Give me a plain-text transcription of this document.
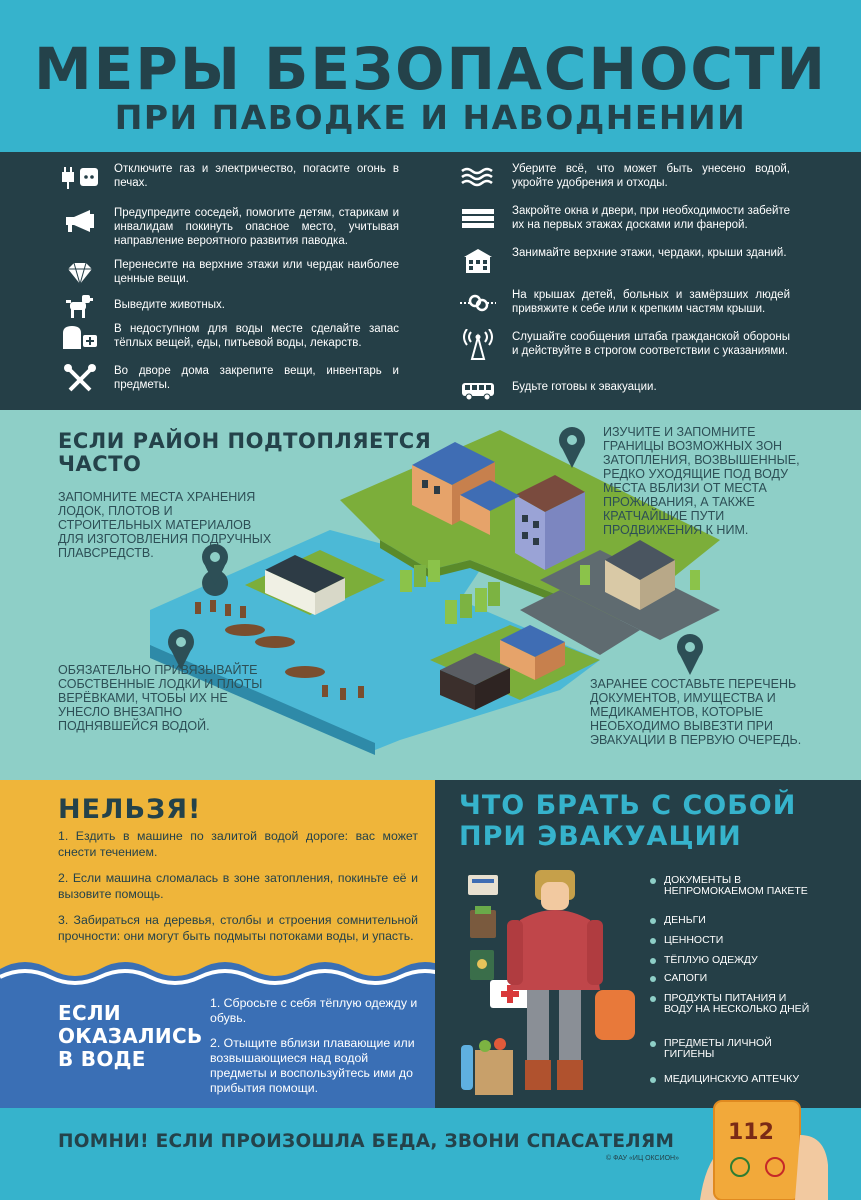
МЕРЫ БЕЗОПАСНОСТИ
ПРИ ПАВОДКЕ И НАВОДНЕНИИ
Отключите газ и электричество, погасите огонь в печах.
Предупредите соседей, помогите детям, старикам и инвалидам покинуть опасное место, учитывая направление вероятного развития паводка.
Перенесите на верхние этажи или чердак наиболее ценные вещи.
Выведите животных.
В недоступном для воды месте сделайте запас тёплых вещей, еды, питьевой воды, лекарств.
Во дворе дома закрепите вещи, инвентарь и предметы.
Уберите всё, что может быть унесено водой, укройте удобрения и отходы.
Закройте окна и двери, при необходимости забейте их на первых этажах досками или фанерой.
Занимайте верхние этажи, чердаки, крыши зданий.
На крышах детей, больных и замёрзших людей привяжите к себе или к крепким частям крыши.
Слушайте сообщения штаба гражданской обороны и действуйте в строгом соответствии с указаниями.
Будьте готовы к эвакуации.
ЕСЛИ РАЙОН ПОДТОПЛЯЕТСЯ ЧАСТО
ЗАПОМНИТЕ МЕСТА ХРАНЕНИЯ ЛОДОК, ПЛОТОВ И СТРОИТЕЛЬНЫХ МАТЕРИАЛОВ ДЛЯ ИЗГОТОВЛЕНИЯ ПОДРУЧНЫХ ПЛАВСРЕДСТВ.
ОБЯЗАТЕЛЬНО ПРИВЯЗЫВАЙТЕ СОБСТВЕННЫЕ ЛОДКИ И ПЛОТЫ ВЕРЁВКАМИ, ЧТОБЫ ИХ НЕ УНЕСЛО ВНЕЗАПНО ПОДНЯВШЕЙСЯ ВОДОЙ.
ИЗУЧИТЕ И ЗАПОМНИТЕ ГРАНИЦЫ ВОЗМОЖНЫХ ЗОН ЗАТОПЛЕНИЯ, ВОЗВЫШЕННЫЕ, РЕДКО УХОДЯЩИЕ ПОД ВОДУ МЕСТА ВБЛИЗИ ОТ МЕСТА ПРОЖИВАНИЯ, А ТАКЖЕ КРАТЧАЙШИЕ ПУТИ ПРОДВИЖЕНИЯ К НИМ.
ЗАРАНЕЕ СОСТАВЬТЕ ПЕРЕЧЕНЬ ДОКУМЕНТОВ, ИМУЩЕСТВА И МЕДИКАМЕНТОВ, КОТОРЫЕ НЕОБХОДИМО ВЫВЕЗТИ ПРИ ЭВАКУАЦИИ В ПЕРВУЮ ОЧЕРЕДЬ.
НЕЛЬЗЯ!
1. Ездить в машине по залитой водой дороге: вас может снести течением.
2. Если машина сломалась в зоне затопления, покиньте её и вызовите помощь.
3. Забираться на деревья, столбы и строения сомнительной прочности: они могут быть подмыты потоками воды, и упасть.
ЕСЛИ ОКАЗАЛИСЬ В ВОДЕ
1. Сбросьте с себя тёплую одежду и обувь.
2. Отыщите вблизи плавающие или возвышающиеся над водой предметы и воспользуйтесь ими до прибытия помощи.
ЧТО БРАТЬ С СОБОЙ ПРИ ЭВАКУАЦИИ
ДОКУМЕНТЫ В НЕПРОМОКАЕМОМ ПАКЕТЕ
ДЕНЬГИ
ЦЕННОСТИ
ТЁПЛУЮ ОДЕЖДУ
САПОГИ
ПРОДУКТЫ ПИТАНИЯ И ВОДУ НА НЕСКОЛЬКО ДНЕЙ
ПРЕДМЕТЫ ЛИЧНОЙ ГИГИЕНЫ
МЕДИЦИНСКУЮ АПТЕЧКУ
ПОМНИ! ЕСЛИ ПРОИЗОШЛА БЕДА, ЗВОНИ СПАСАТЕЛЯМ
© ФАУ «ИЦ ОКСИОН»
112
